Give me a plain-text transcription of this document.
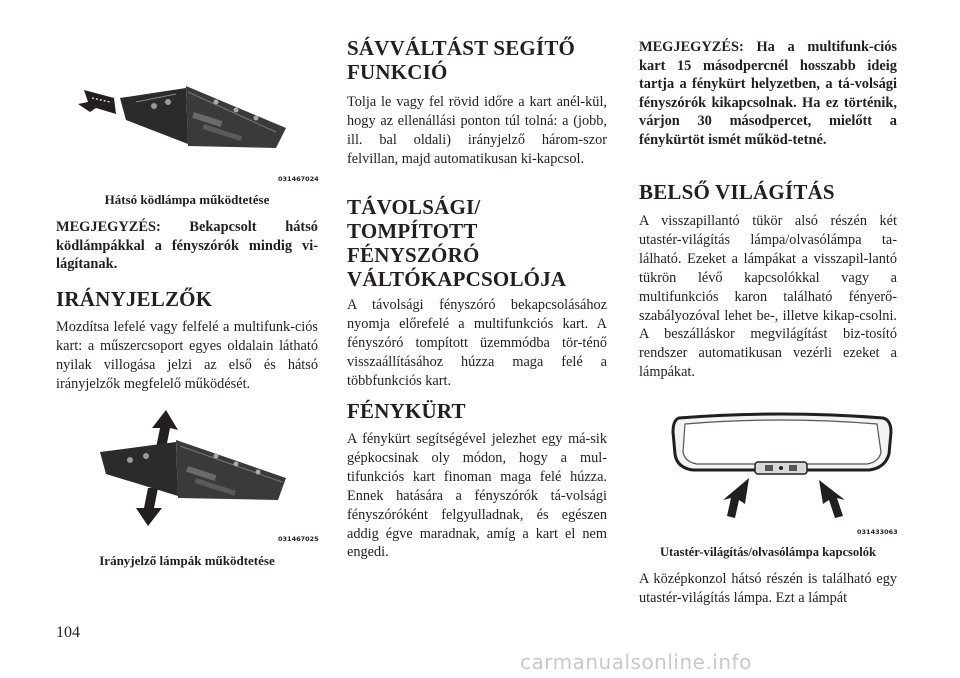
031467024
Hátsó ködlámpa működtetése
MEGJEGYZÉS: Bekapcsolt hátsó ködlámpákkal a fényszórók mindig vi-lágítanak.
IRÁNYJELZŐK
Mozdítsa lefelé vagy felfelé a multifunk-ciós kart: a műszercsoport egyes oldalain látható nyilak villogása jelzi az első és hátsó irányjelzők megfelelő működését.
031467025
Irányjelző lámpák működtetése
SÁVVÁLTÁST SEGÍTŐ FUNKCIÓ
Tolja le vagy fel rövid időre a kart anél-kül, hogy az ellenállási ponton túl tolná: a (jobb, ill. bal oldali) irányjelző három-szor felvillan, majd automatikusan ki-kapcsol.
TÁVOLSÁGI/ TOMPÍTOTT FÉNYSZÓRÓ VÁLTÓKAPCSOLÓJA
A távolsági fényszóró bekapcsolásához nyomja előrefelé a multifunkciós kart. A fényszóró tompított üzemmódba tör-ténő visszaállításához húzza maga felé a többfunkciós kart.
FÉNYKÜRT
A fénykürt segítségével jelezhet egy má-sik gépkocsinak oly módon, hogy a mul-tifunkciós kart finoman maga felé húzza. Ennek hatására a fényszórók tá-volsági fényszóróként felgyulladnak, és egészen addig égve maradnak, amíg a kart el nem engedi.
MEGJEGYZÉS: Ha a multifunk-ciós kart 15 másodpercnél hosszabb ideig tartja a fénykürt helyzetben, a tá-volsági fényszórók kikapcsolnak. Ha ez történik, várjon 30 másodpercet, mielőtt a fénykürtöt ismét működ-tetné.
BELSŐ VILÁGÍTÁS
A visszapillantó tükör alsó részén két utastér-világítás lámpa/olvasólámpa ta-lálható. Ezeket a lámpákat a visszapil-lantó tükrön lévő kapcsolókkal vagy a multifunkciós karon található fényerő-szabályozóval lehet be-, illetve kikap-csolni. A beszálláskor megvilágítást biz-tosító rendszer automatikusan vezérli ezeket a lámpákat.
031433063
Utastér-világítás/olvasólámpa kapcsolók
A középkonzol hátsó részén is található egy utastér-világítás lámpa. Ezt a lámpát
104
carmanualsonline.info
